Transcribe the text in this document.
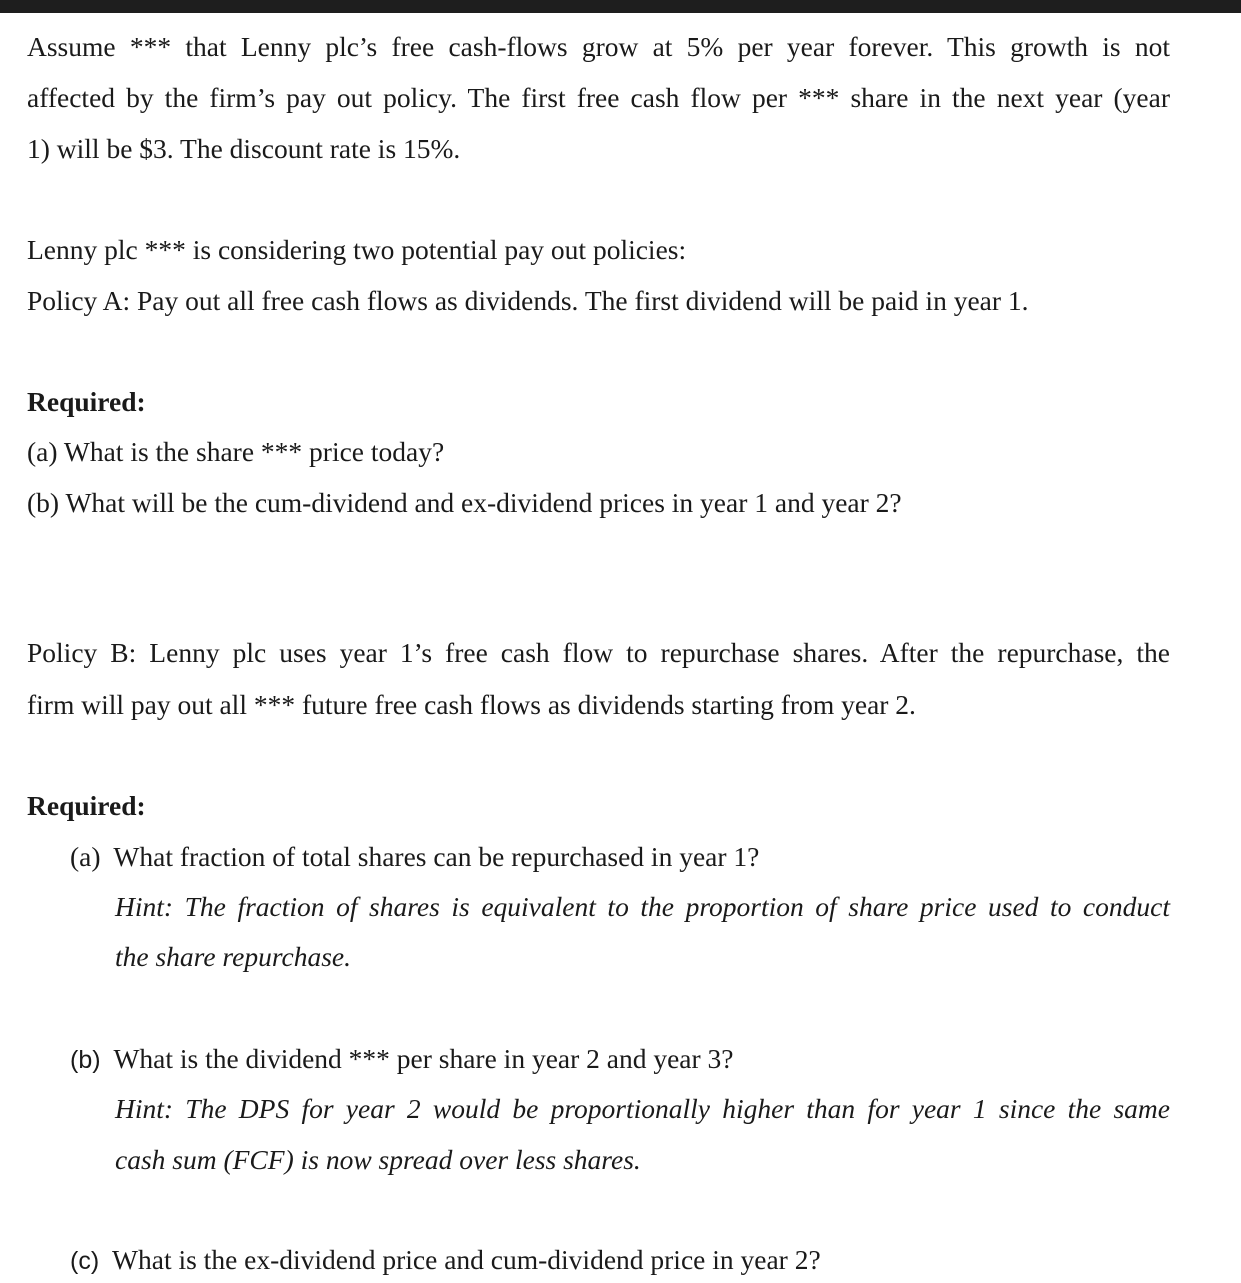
Assume *** that Lenny plc’s free cash-flows grow at 5% per year forever. This growth is not
affected by the firm’s pay out policy. The first free cash flow per *** share in the next year (year
1) will be $3. The discount rate is 15%.
Lenny plc *** is considering two potential pay out policies:
Policy A: Pay out all free cash flows as dividends. The first dividend will be paid in year 1.
Required:
(a) What is the share *** price today?
(b) What will be the cum-dividend and ex-dividend prices in year 1 and year 2?
Policy B: Lenny plc uses year 1’s free cash flow to repurchase shares. After the repurchase, the
firm will pay out all *** future free cash flows as dividends starting from year 2.
Required:
(a) What fraction of total shares can be repurchased in year 1?
Hint: The fraction of shares is equivalent to the proportion of share price used to conduct
the share repurchase.
(b) What is the dividend *** per share in year 2 and year 3?
Hint: The DPS for year 2 would be proportionally higher than for year 1 since the same
cash sum (FCF) is now spread over less shares.
(c) What is the ex-dividend price and cum-dividend price in year 2?
